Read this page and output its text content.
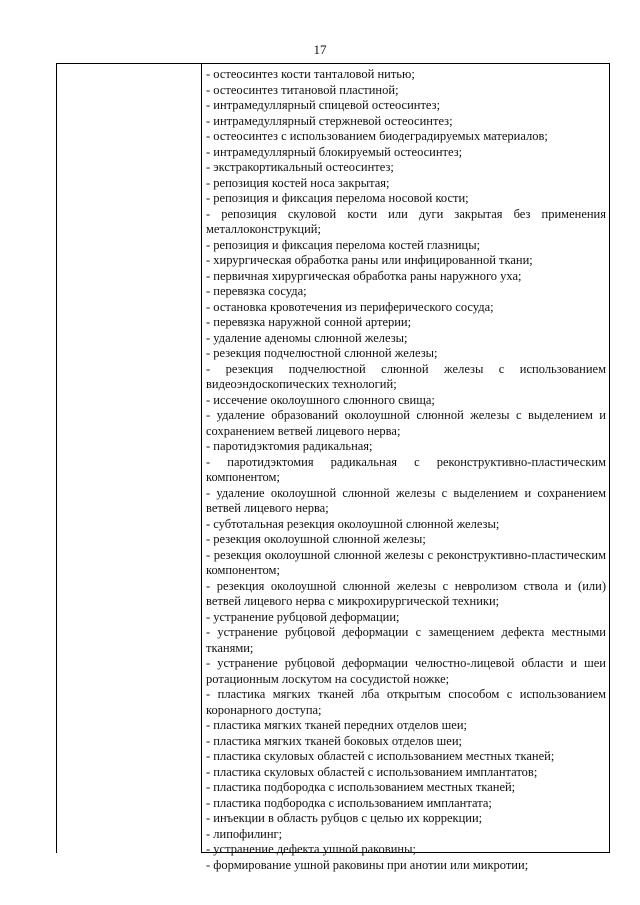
17
- остеосинтез кости танталовой нитью;
- остеосинтез титановой пластиной;
- интрамедуллярный спицевой остеосинтез;
- интрамедуллярный стержневой остеосинтез;
- остеосинтез с использованием биодеградируемых материалов;
- интрамедуллярный блокируемый остеосинтез;
- экстракортикальный остеосинтез;
- репозиция костей носа закрытая;
- репозиция и фиксация перелома носовой кости;
- репозиция скуловой кости или дуги закрытая без применения металлоконструкций;
- репозиция и фиксация перелома костей глазницы;
- хирургическая обработка раны или инфицированной ткани;
- первичная хирургическая обработка раны наружного уха;
- перевязка сосуда;
- остановка кровотечения из периферического сосуда;
- перевязка наружной сонной артерии;
- удаление аденомы слюнной железы;
- резекция подчелюстной слюнной железы;
- резекция подчелюстной слюнной железы с использованием видеоэндоскопических технологий;
- иссечение околоушного слюнного свища;
- удаление образований околоушной слюнной железы с выделением и сохранением ветвей лицевого нерва;
- паротидэктомия радикальная;
- паротидэктомия радикальная с реконструктивно-пластическим компонентом;
- удаление околоушной слюнной железы с выделением и сохранением ветвей лицевого нерва;
- субтотальная резекция околоушной слюнной железы;
- резекция околоушной слюнной железы;
- резекция околоушной слюнной железы с реконструктивно-пластическим компонентом;
- резекция околоушной слюнной железы с невролизом ствола и (или) ветвей лицевого нерва с микрохирургической техники;
- устранение рубцовой деформации;
- устранение рубцовой деформации с замещением дефекта местными тканями;
- устранение рубцовой деформации челюстно-лицевой области и шеи ротационным лоскутом на сосудистой ножке;
- пластика мягких тканей лба открытым способом с использованием коронарного доступа;
- пластика мягких тканей передних отделов шеи;
- пластика мягких тканей боковых отделов шеи;
- пластика скуловых областей с использованием местных тканей;
- пластика скуловых областей с использованием имплантатов;
- пластика подбородка с использованием местных тканей;
- пластика подбородка с использованием имплантата;
- инъекции в область рубцов с целью их коррекции;
- липофилинг;
- устранение дефекта ушной раковины;
- формирование ушной раковины при анотии или микротии;
